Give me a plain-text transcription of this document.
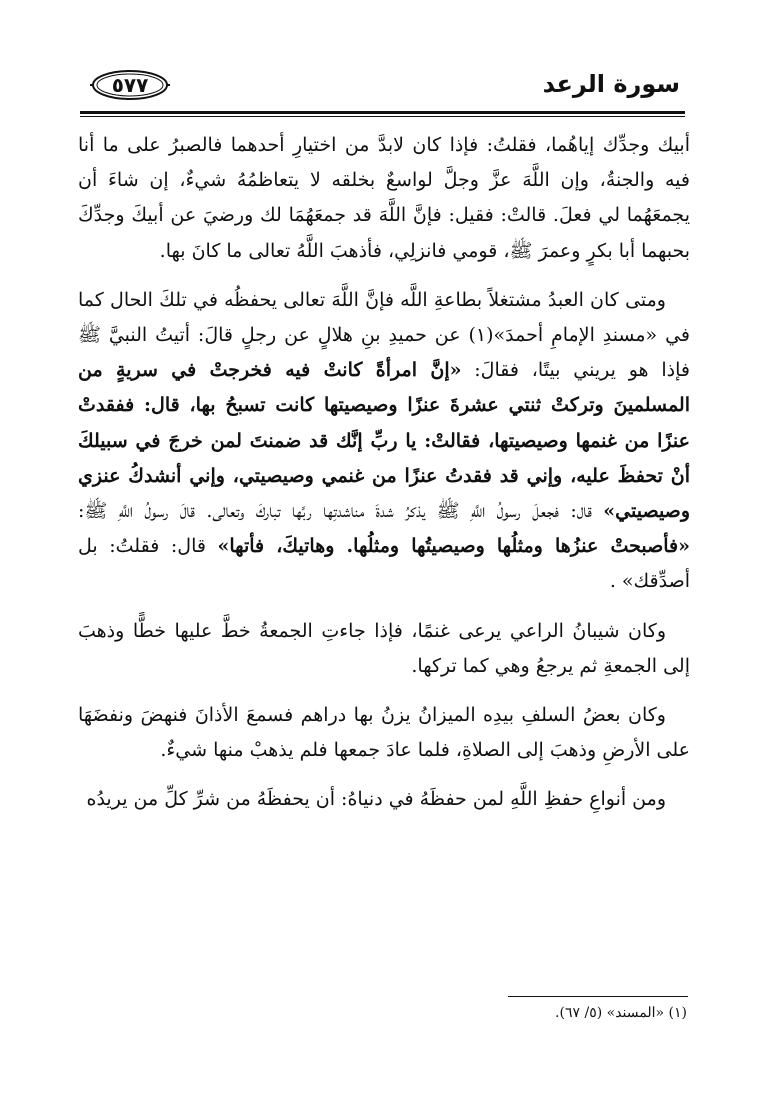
٥٧٧	سورة الرعد

أبيك وجدِّك إياهُما، فقلتُ: فإذا كان لابدَّ من اختيارِ أحدهما فالصبرُ على ما أنا فيه والجنةُ، وإن اللَّهَ عزَّ وجلَّ لواسعٌ بخلقه لا يتعاظمُهُ شيءٌ، إن شاءَ أن يجمعَهُما لي فعلَ. قالتْ: فقيل: فإنَّ اللَّهَ قد جمعَهُمَا لك ورضيَ عن أبيكَ وجدِّكَ بحبهما أبا بكرٍ وعمرَ ﷺ، قومي فانزلِي، فأذهبَ اللَّهُ تعالى ما كانَ بها.

ومتى كان العبدُ مشتغلاً بطاعةِ اللَّه فإنَّ اللَّهَ تعالى يحفظُه في تلكَ الحال كما في «مسندِ الإمامِ أحمدَ»(١) عن حميدِ بنِ هلالٍ عن رجلٍ قالَ: أتيتُ النبيَّ ﷺ فإذا هو يريني بيتًا، فقالَ: «إنَّ امرأةً كانتْ فيه فخرجتْ في سريةٍ من المسلمينَ وتركتْ ثنتي عشرةَ عنزًا وصيصيتها كانت تسبحُ بها، قال: ففقدتْ عنزًا من غنمها وصيصيتها، فقالتْ: يا ربِّ إنَّك قد ضمنتَ لمن خرجَ في سبيلكَ أنْ تحفظَ عليه، وإني قد فقدتُ عنزًا من غنمي وصيصيتي، وإني أنشدكُ عنزي وصيصيتي» قال: فجعلَ رسولُ اللَّهِ ﷺ يذكرُ شدةَ مناشدتِها ربَّها تباركَ وتعالى. قالَ رسولُ اللَّهِ ﷺ: «فأصبحتْ عنزُها ومثلُها وصيصيتُها ومثلُها. وهاتيكَ، فأتها» قال: فقلتُ: بل أصدِّقك» .

وكان شيبانُ الراعي يرعى غنمًا، فإذا جاءتِ الجمعةُ خطَّ عليها خطًّا وذهبَ إلى الجمعةِ ثم يرجعُ وهي كما تركها.

وكان بعضُ السلفِ بيدِه الميزانُ يزنُ بها دراهم فسمعَ الأذانَ فنهضَ ونفضَهَا على الأرضِ وذهبَ إلى الصلاةِ، فلما عادَ جمعها فلم يذهبْ منها شيءٌ.

ومن أنواعِ حفظِ اللَّهِ لمن حفظَهُ في دنياهُ: أن يحفظَهُ من شرِّ كلِّ من يريدُه

(١) «المسند» (٥/ ٦٧).
